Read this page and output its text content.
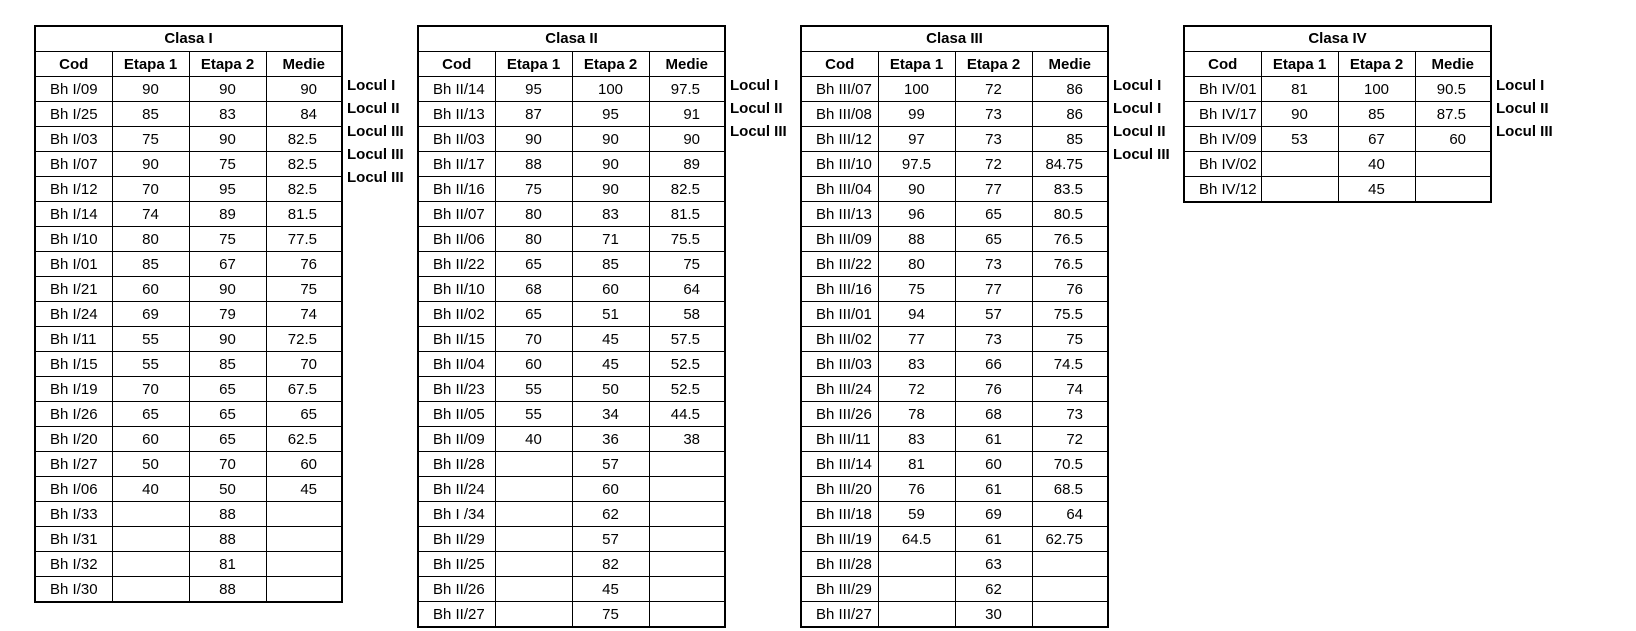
Clasa I			
Cod	Etapa 1	Etapa 2	Medie
Bh I/09	90	90	90
Bh I/25	85	83	84
Bh I/03	75	90	82.5
Bh I/07	90	75	82.5
Bh I/12	70	95	82.5
Bh I/14	74	89	81.5
Bh I/10	80	75	77.5
Bh I/01	85	67	76
Bh I/21	60	90	75
Bh I/24	69	79	74
Bh I/11	55	90	72.5
Bh I/15	55	85	70
Bh I/19	70	65	67.5
Bh I/26	65	65	65
Bh I/20	60	65	62.5
Bh I/27	50	70	60
Bh I/06	40	50	45
Bh I/33		88	
Bh I/31		88	
Bh I/32		81	
Bh I/30		88	
Locul I
Locul II
Locul III
Locul III
Locul III
Clasa II			
Cod	Etapa 1	Etapa 2	Medie
Bh II/14	95	100	97.5
Bh II/13	87	95	91
Bh II/03	90	90	90
Bh II/17	88	90	89
Bh II/16	75	90	82.5
Bh II/07	80	83	81.5
Bh II/06	80	71	75.5
Bh II/22	65	85	75
Bh II/10	68	60	64
Bh II/02	65	51	58
Bh II/15	70	45	57.5
Bh II/04	60	45	52.5
Bh II/23	55	50	52.5
Bh II/05	55	34	44.5
Bh II/09	40	36	38
Bh II/28		57	
Bh II/24		60	
Bh I /34		62	
Bh II/29		57	
Bh II/25		82	
Bh II/26		45	
Bh II/27		75	
Locul I
Locul II
Locul III
Clasa III			
Cod	Etapa 1	Etapa 2	Medie
Bh III/07	100	72	86
Bh III/08	99	73	86
Bh III/12	97	73	85
Bh III/10	97.5	72	84.75
Bh III/04	90	77	83.5
Bh III/13	96	65	80.5
Bh III/09	88	65	76.5
Bh III/22	80	73	76.5
Bh III/16	75	77	76
Bh III/01	94	57	75.5
Bh III/02	77	73	75
Bh III/03	83	66	74.5
Bh III/24	72	76	74
Bh III/26	78	68	73
Bh III/11	83	61	72
Bh III/14	81	60	70.5
Bh III/20	76	61	68.5
Bh III/18	59	69	64
Bh III/19	64.5	61	62.75
Bh III/28		63	
Bh III/29		62	
Bh III/27		30	
Locul I
Locul I
Locul II
Locul III
Clasa IV			
Cod	Etapa 1	Etapa 2	Medie
Bh IV/01	81	100	90.5
Bh IV/17	90	85	87.5
Bh IV/09	53	67	60
Bh IV/02		40	
Bh IV/12		45	
Locul I
Locul II
Locul III
